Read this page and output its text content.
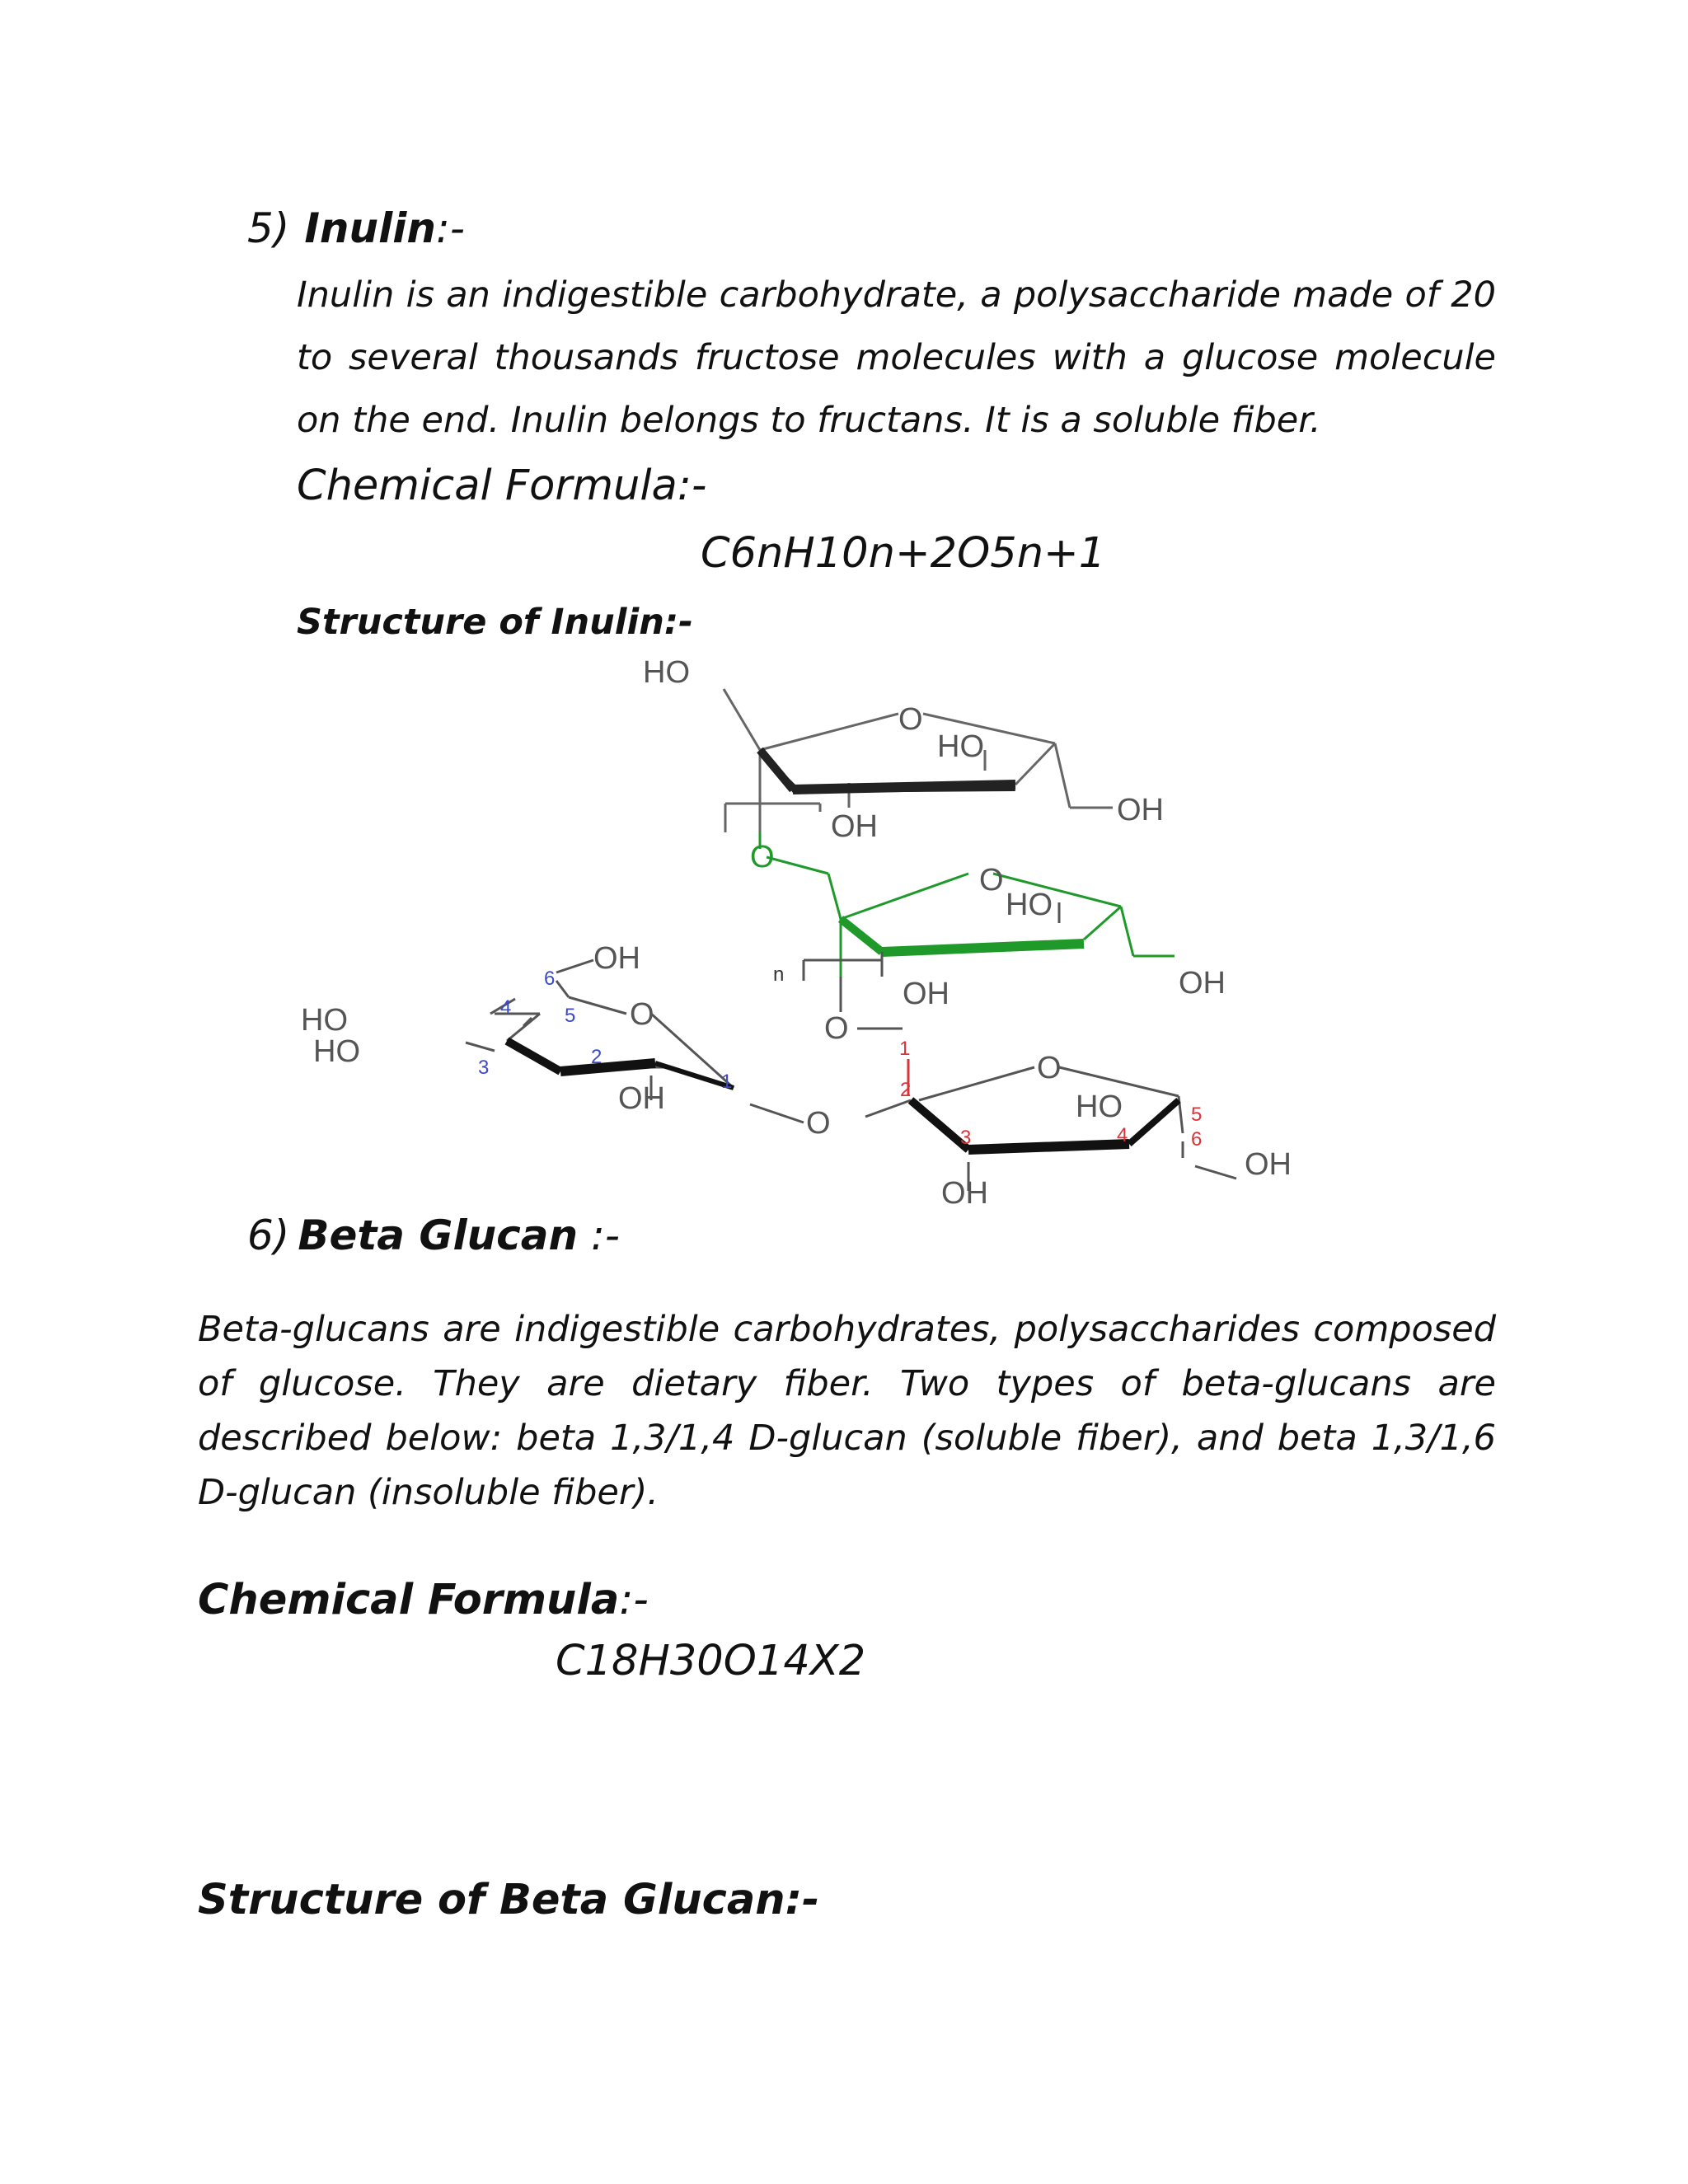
5) Inulin:-
Inulin is an indigestible carbohydrate, a polysaccharide made of 20 to several thousands fructose molecules with a glucose molecule on the end. Inulin belongs to fructans. It is a soluble fiber.
Chemical Formula:-
C6nH10n+2O5n+1
Structure of Inulin:-
HO
O
HO
OH
OH
O
O
HO
OH
OH
n
O
1
2
O
HO
3	4
5
6
OH
OH
O
OH
O
HO
HO
OH
6
5
4
3	2
1
6) Beta Glucan :-
Beta-glucans are indigestible carbohydrates, polysaccharides composed of glucose. They are dietary fiber. Two types of beta-glucans are described below: beta 1,3/1,4 D-glucan (soluble fiber), and beta 1,3/1,6 D-glucan (insoluble fiber).
Chemical Formula:-
C18H30O14X2
Structure of Beta Glucan:-
